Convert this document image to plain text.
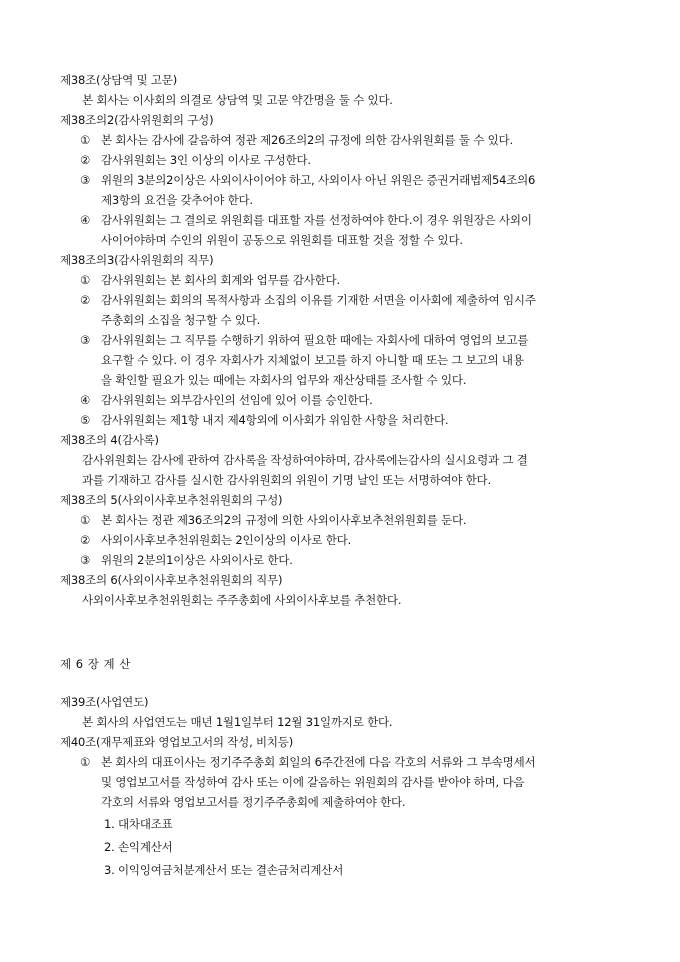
제38조(상담역 및 고문)
본 회사는 이사회의 의결로 상담역 및 고문 약간명을 둘 수 있다.
제38조의2(감사위원회의 구성)
① 본 회사는 감사에 갈음하여 정관 제26조의2의 규정에 의한 감사위원회를 둘 수 있다.
② 감사위원회는 3인 이상의 이사로 구성한다.
③ 위원의 3분의2이상은 사외이사이어야 하고, 사외이사 아닌 위원은 증권거래법제54조의6
제3항의 요건을 갖추어야 한다.
④ 감사위원회는 그 결의로 위원회를 대표할 자를 선정하여야 한다.이 경우 위원장은 사외이
사이어야하며 수인의 위원이 공동으로 위원회를 대표할 것을 정할 수 있다.
제38조의3(감사위원회의 직무)
① 감사위원회는 본 회사의 회계와 업무를 감사한다.
② 감사위원회는 회의의 목적사항과 소집의 이유를 기재한 서면을 이사회에 제출하여 임시주
주총회의 소집을 청구할 수 있다.
③ 감사위원회는 그 직무를 수행하기 위하여 필요한 때에는 자회사에 대하여 영업의 보고를
요구할 수 있다. 이 경우 자회사가 지체없이 보고를 하지 아니할 때 또는 그 보고의 내용
을 확인할 필요가 있는 때에는 자회사의 업무와 재산상태를 조사할 수 있다.
④ 감사위원회는 외부감사인의 선임에 있어 이를 승인한다.
⑤ 감사위원회는 제1항 내지 제4항외에 이사회가 위임한 사항을 처리한다.
제38조의 4(감사록)
감사위원회는 감사에 관하여 감사록을 작성하여야하며, 감사록에는감사의 실시요령과 그 결
과를 기재하고 감사를 실시한 감사위원회의 위원이 기명 날인 또는 서명하여야 한다.
제38조의 5(사외이사후보추천위원회의 구성)
① 본 회사는 정관 제36조의2의 규정에 의한 사외이사후보추천위원회를 둔다.
② 사외이사후보추천위원회는 2인이상의 이사로 한다.
③ 위원의 2분의1이상은 사외이사로 한다.
제38조의 6(사외이사후보추천위원회의 직무)
사외이사후보추천위원회는 주주총회에 사외이사후보를 추천한다.
제 6 장 계 산
제39조(사업연도)
본 회사의 사업연도는 매년 1월1일부터 12월 31일까지로 한다.
제40조(재무제표와 영업보고서의 작성, 비치등)
① 본 회사의 대표이사는 정기주주총회 회일의 6주간전에 다음 각호의 서류와 그 부속명세서
및 영업보고서를 작성하여 감사 또는 이에 갈음하는 위원회의 감사를 받아야 하며, 다음
각호의 서류와 영업보고서를 정기주주총회에 제출하여야 한다.
1. 대차대조표
2. 손익계산서
3. 이익잉여금처분계산서 또는 결손금처리계산서
